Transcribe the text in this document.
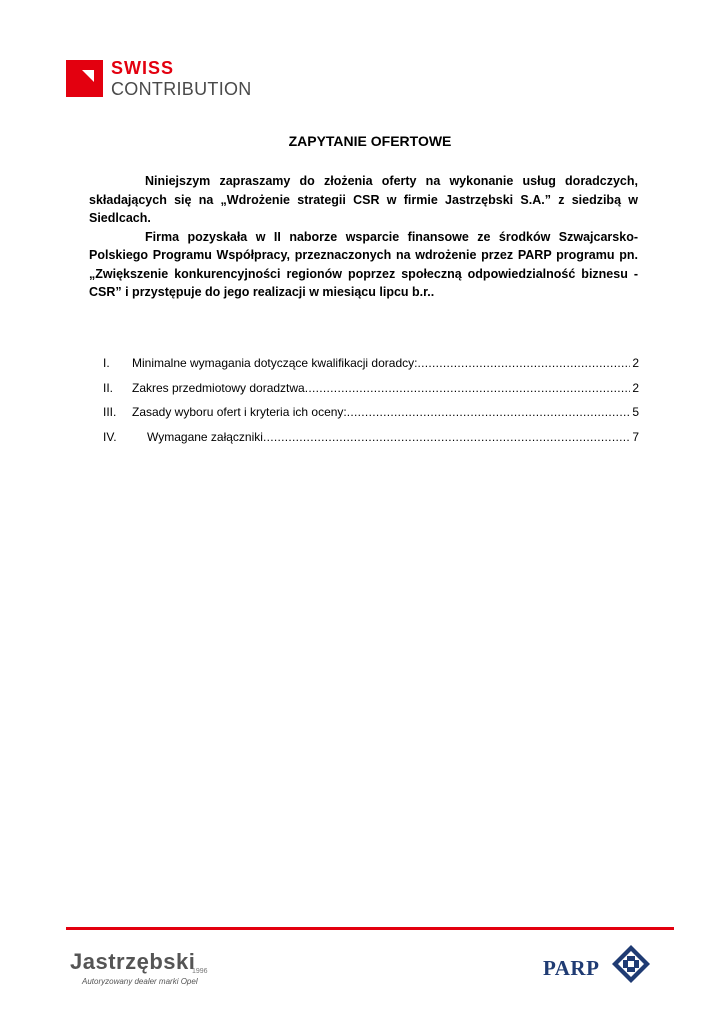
SWISS
CONTRIBUTION
ZAPYTANIE OFERTOWE

Niniejszym zapraszamy do złożenia oferty na wykonanie usług doradczych, składających się na „Wdrożenie strategii CSR w firmie Jastrzębski S.A.” z siedzibą w Siedlcach.

Firma pozyskała w II naborze wsparcie finansowe ze środków Szwajcarsko-Polskiego Programu Współpracy, przeznaczonych na wdrożenie przez PARP programu pn. „Zwiększenie konkurencyjności regionów poprzez społeczną odpowiedzialność biznesu - CSR” i przystępuje do jego realizacji w miesiącu lipcu b.r..

I.	Minimalne wymagania dotyczące kwalifikacji doradcy: .....	2
II.	Zakres przedmiotowy doradztwa .....	2
III.	Zasady wyboru ofert i kryteria ich oceny: .....	5
IV.	Wymagane załączniki .....	7
Jastrzębski
1996
Autoryzowany dealer marki Opel
PARP
